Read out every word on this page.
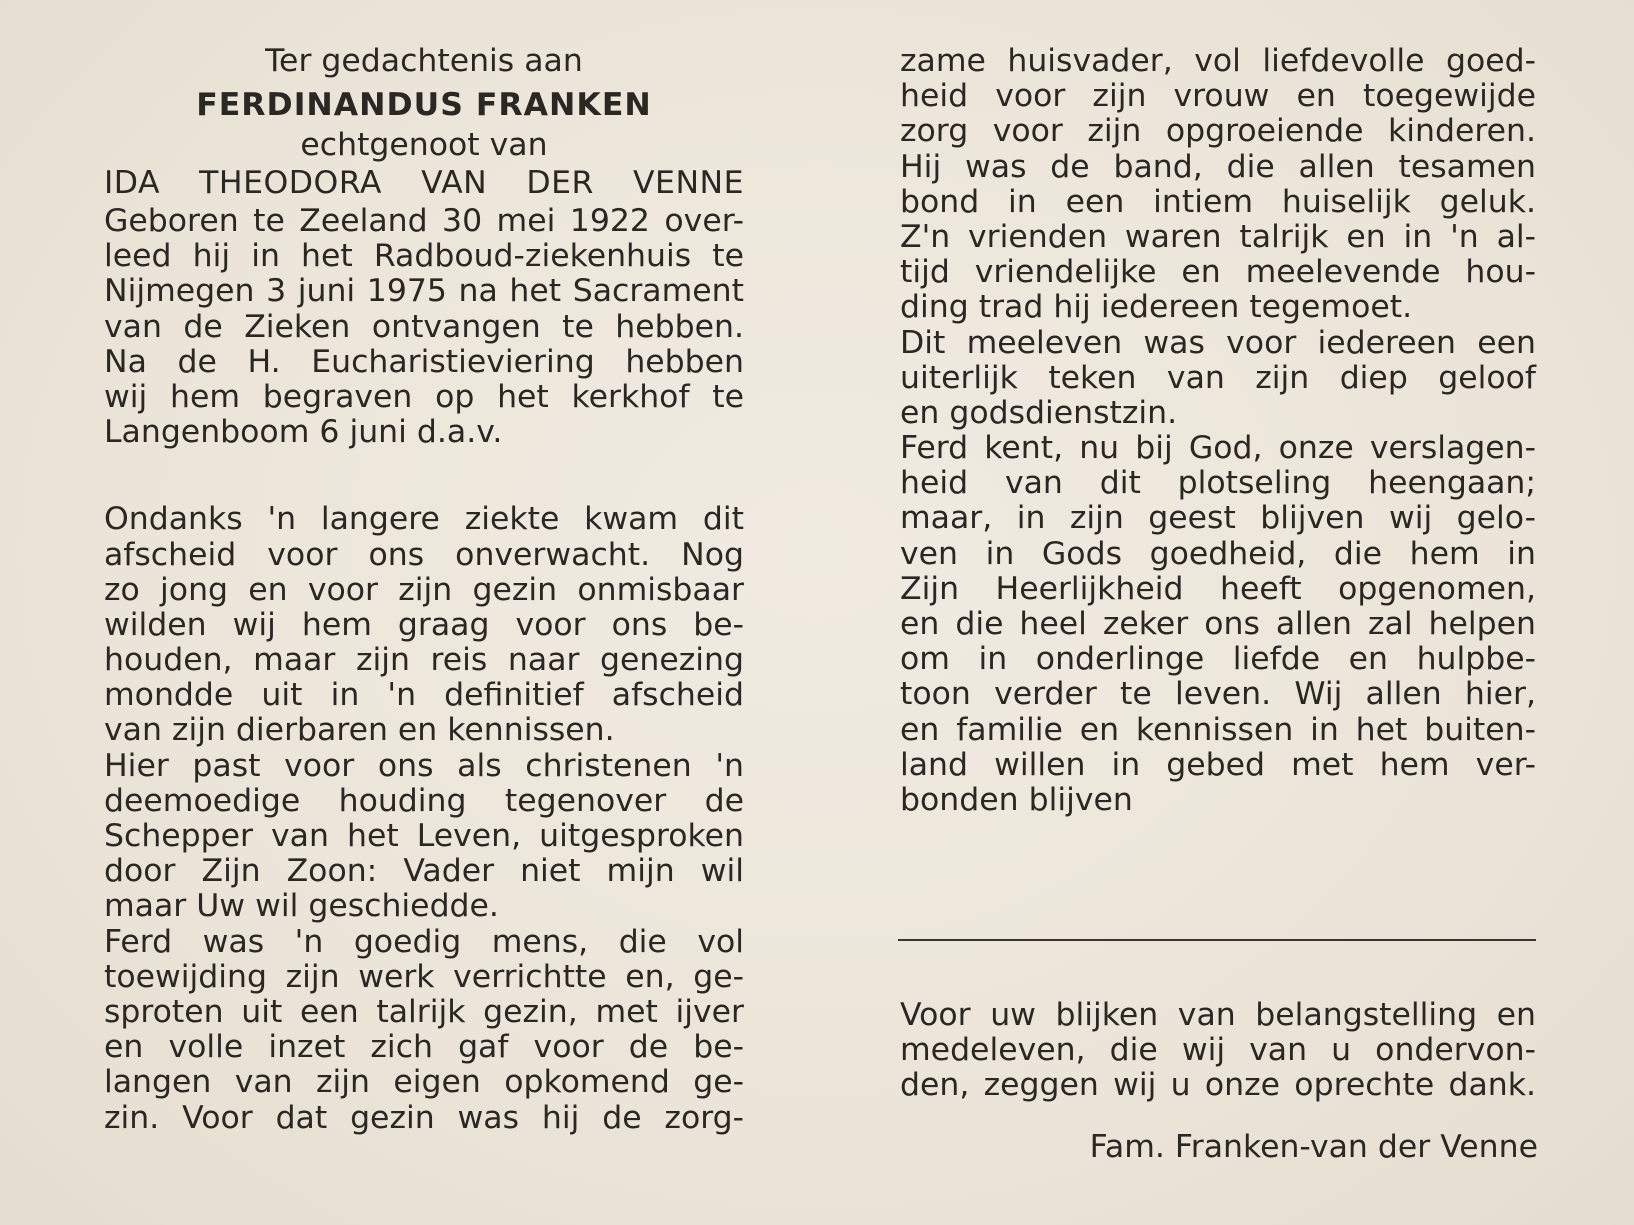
Ter gedachtenis aan
FERDINANDUS FRANKEN
echtgenoot van
IDA THEODORA VAN DER VENNE
Geboren te Zeeland 30 mei 1922 over-
leed hij in het Radboud-ziekenhuis te
Nijmegen 3 juni 1975 na het Sacrament
van de Zieken ontvangen te hebben.
Na de H. Eucharistieviering hebben
wij hem begraven op het kerkhof te
Langenboom 6 juni d.a.v.
Ondanks 'n langere ziekte kwam dit
afscheid voor ons onverwacht. Nog
zo jong en voor zijn gezin onmisbaar
wilden wij hem graag voor ons be-
houden, maar zijn reis naar genezing
mondde uit in 'n definitief afscheid
van zijn dierbaren en kennissen.
Hier past voor ons als christenen 'n
deemoedige houding tegenover de
Schepper van het Leven, uitgesproken
door Zijn Zoon: Vader niet mijn wil
maar Uw wil geschiedde.
Ferd was 'n goedig mens, die vol
toewijding zijn werk verrichtte en, ge-
sproten uit een talrijk gezin, met ijver
en volle inzet zich gaf voor de be-
langen van zijn eigen opkomend ge-
zin. Voor dat gezin was hij de zorg-
zame huisvader, vol liefdevolle goed-
heid voor zijn vrouw en toegewijde
zorg voor zijn opgroeiende kinderen.
Hij was de band, die allen tesamen
bond in een intiem huiselijk geluk.
Z'n vrienden waren talrijk en in 'n al-
tijd vriendelijke en meelevende hou-
ding trad hij iedereen tegemoet.
Dit meeleven was voor iedereen een
uiterlijk teken van zijn diep geloof
en godsdienstzin.
Ferd kent, nu bij God, onze verslagen-
heid van dit plotseling heengaan;
maar, in zijn geest blijven wij gelo-
ven in Gods goedheid, die hem in
Zijn Heerlijkheid heeft opgenomen,
en die heel zeker ons allen zal helpen
om in onderlinge liefde en hulpbe-
toon verder te leven. Wij allen hier,
en familie en kennissen in het buiten-
land willen in gebed met hem ver-
bonden blijven
Voor uw blijken van belangstelling en
medeleven, die wij van u ondervon-
den, zeggen wij u onze oprechte dank.
Fam. Franken-van der Venne
